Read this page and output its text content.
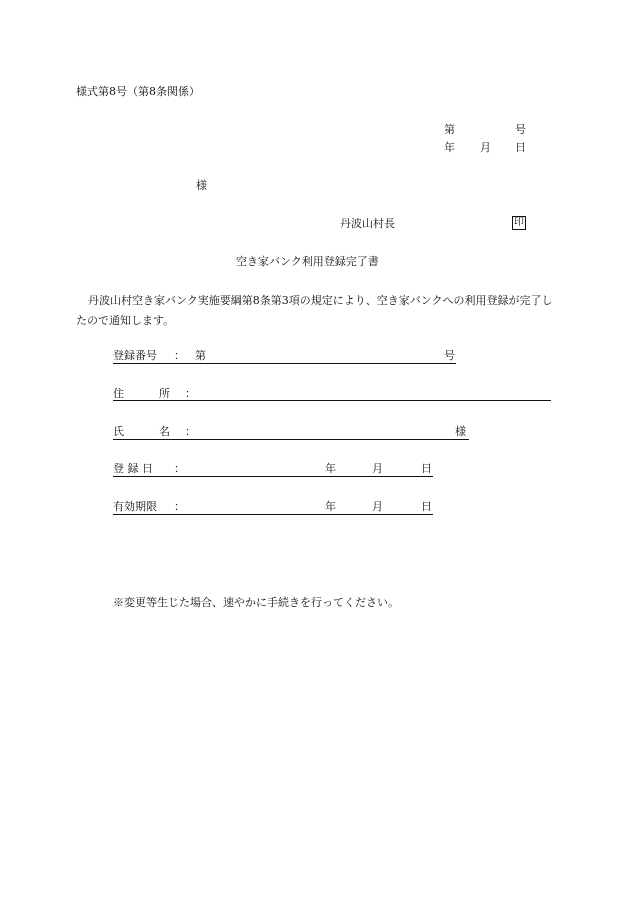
様式第8号（第8条関係）
第	号
年 月 日
様
丹波山村長	印
空き家バンク利用登録完了書
丹波山村空き家バンク実施要綱第8条第3項の規定により、空き家バンクへの利用登録が完了したので通知します。
登録番号 ： 第	号
住	所 ：
氏	名 ：	様
登 録 日 ：	年	月	日
有効期限 ：	年	月	日
※変更等生じた場合、速やかに手続きを行ってください。
